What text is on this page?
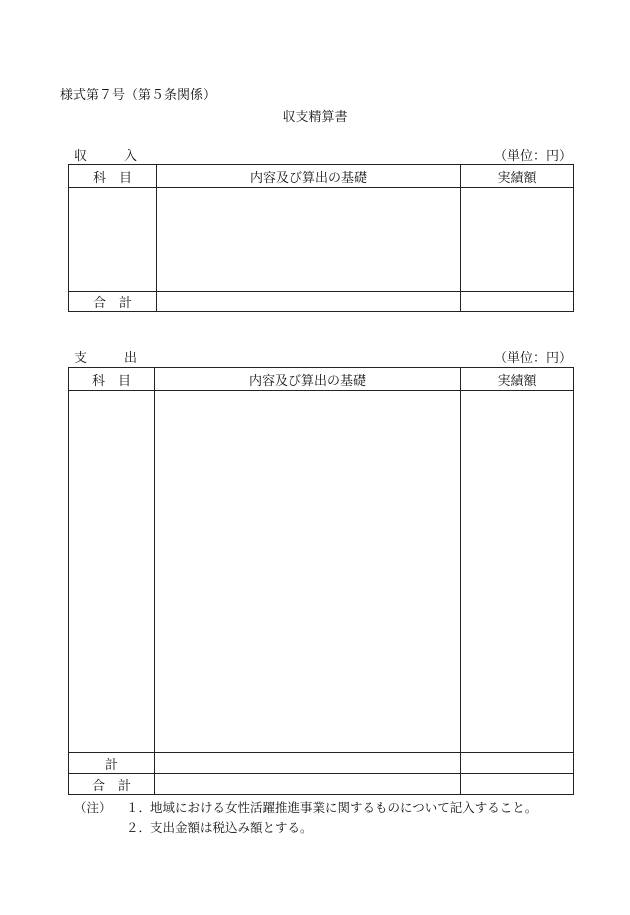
様式第７号（第５条関係）
収支精算書
収　入	（単位：円）
科　目	内容及び算出の基礎	実績額

合　計		
支　出	（単位：円）
科　目	内容及び算出の基礎	実績額

計		
合　計		
（注）	１．
地域における女性活躍推進事業に関するものについて記入すること。
２．
支出金額は税込み額とする。
